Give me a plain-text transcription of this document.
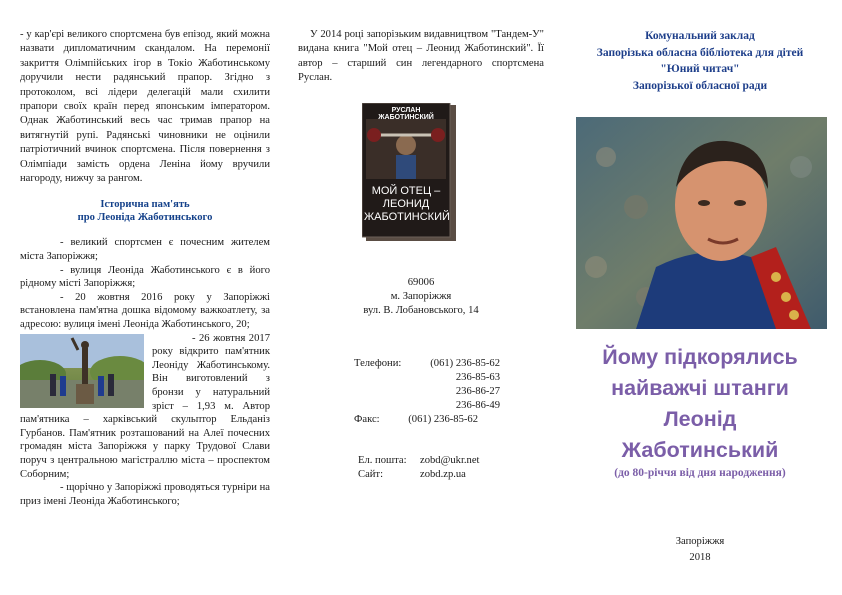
- у кар'єрі великого спортсмена був епізод, який можна назвати дипломатичним скандалом. На перемонії закриття Олімпійських ігор в Токіо Жаботинському доручили нести радянський прапор. Згідно з протоколом, всі лідери делегацій мали схилити прапори своїх країн перед японським імператором. Однак Жаботинський весь час тримав прапор на витягнутій рупі. Радянські чиновники не оцінили патріотичний вчинок спортсмена. Після повернення з Олімпіади замість ордена Леніна йому вручили нагороду, нижчу за рангом.

Історична пам'ять

про Леоніда Жаботинського

- великий спортсмен є почесним жителем міста Запоріжжя;

- вулиця Леоніда Жаботинського є в його рідному місті Запоріжжя;

- 20 жовтня 2016 року у Запоріжжі встановлена пам'ятна дошка відомому важкоатлету, за адресою: вулиця імені Леоніда Жаботинського, 20;

- 26 жовтня 2017 року відкрито пам'ятник Леоніду Жаботинському. Він виготовлений з бронзи у натуральний зріст – 1,93 м. Автор пам'ятника – харківський скульптор Ельданіз Гурбанов. Пам'ятник розташований на Алеї почесних громадян міста Запоріжжя у парку Трудової Слави поруч з центральною магістраллю міста – проспектом Соборним;

- щорічно у Запоріжжі проводяться турніри на приз імені Леоніда Жаботинського;

У 2014 році запорізьким видавництвом "Тандем-У" видана книга "Мой отец – Леонид Жаботинский". Її автор – старший син легендарного спортсмена Руслан.

РУСЛАН ЖАБОТИНСКИЙ
МОЙ ОТЕЦ –
ЛЕОНИД
ЖАБОТИНСКИЙ

69006

м. Запоріжжя

вул. В. Лобановського, 14

Телефони:	(061) 236-85-62
236-85-63
236-86-27
236-86-49
Факс:	(061) 236-85-62
Ел. пошта:	zobd@ukr.net
Сайт:	zobd.zp.ua

Комунальний заклад

Запорізька обласна бібліотека для дітей

"Юний читач"

Запорізької обласної ради

Йому підкорялись

найважчі штанги

Леонід

Жаботинський

(до 80-річчя від дня народження)

Запоріжжя

2018
